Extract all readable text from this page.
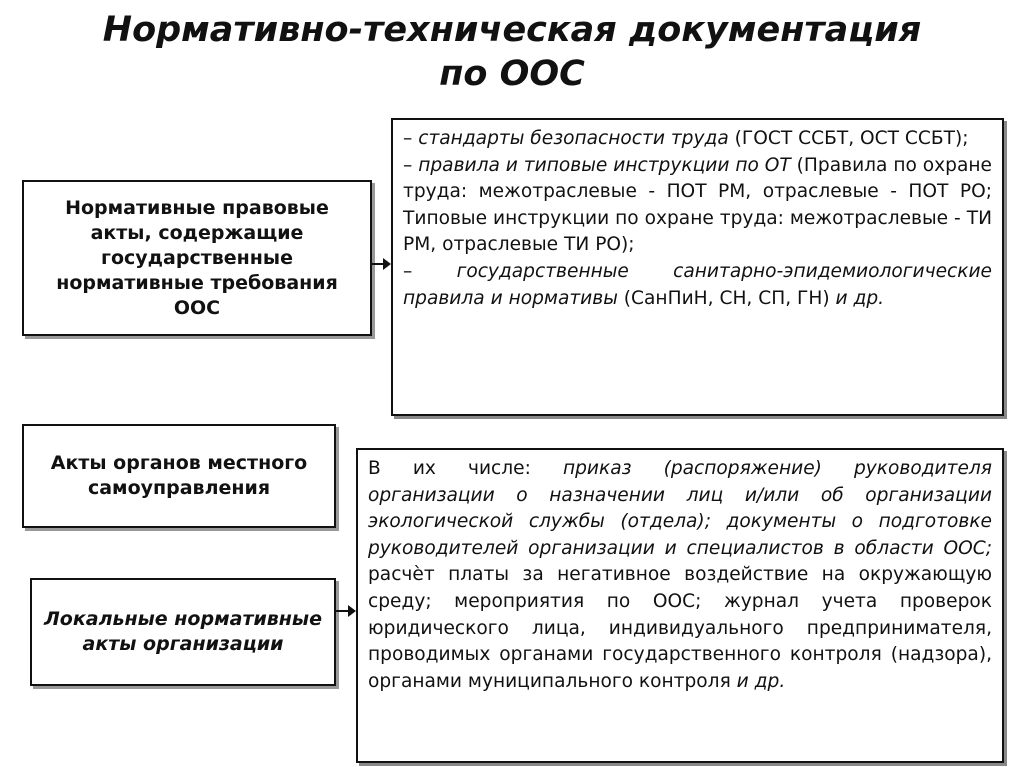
Нормативно-техническая документация
по ООС
Нормативные правовые акты, содержащие государственные нормативные требования ООС
Акты органов местного самоуправления
Локальные нормативные акты организации

– стандарты безопасности труда (ГОСТ ССБТ, ОСТ ССБТ);

– правила и типовые инструкции по ОТ (Правила по охране труда: межотраслевые - ПОТ РМ, отраслевые - ПОТ РО; Типовые инструкции по охране труда: межотраслевые - ТИ РМ, отраслевые ТИ РО);

– государственные санитарно-эпидемиологические правила и нормативы (СанПиН, СН, СП, ГН) и др.

В их числе: приказ (распоряжение) руководителя организации о назначении лиц и/или об организации экологической службы (отдела); документы о подготовке руководителей организации и специалистов в области ООС; расчѐт платы за негативное воздействие на окружающую среду; мероприятия по ООС; журнал учета проверок юридического лица, индивидуального предпринимателя, проводимых органами государственного контроля (надзора), органами муниципального контроля и др.
